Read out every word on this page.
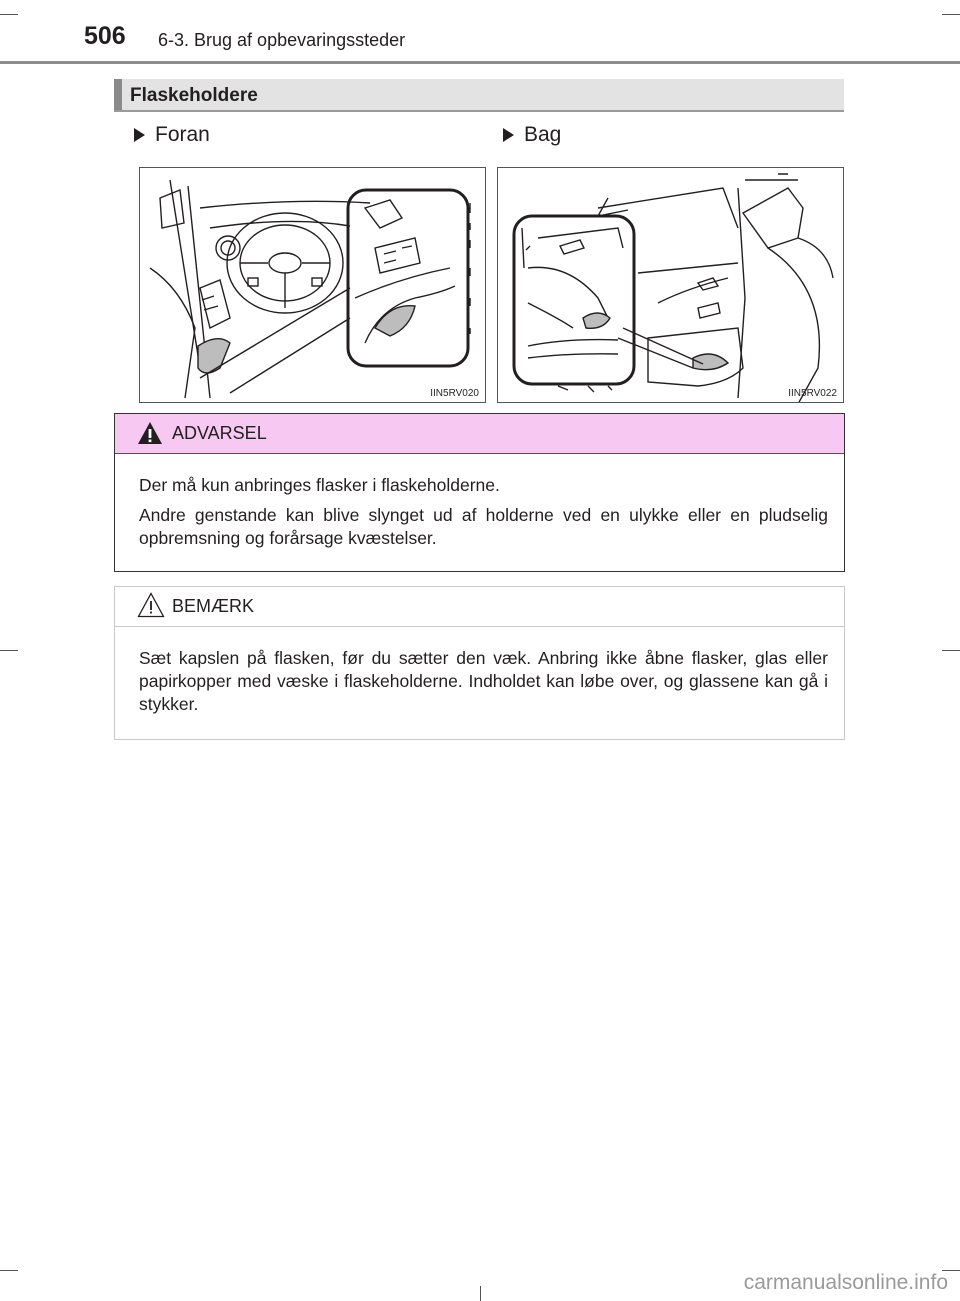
506 6-3. Brug af opbevaringssteder
Flaskeholdere
Foran	Bag
IIN5RV020	IIN5RV022
ADVARSEL
Der må kun anbringes flasker i flaskeholderne.
Andre genstande kan blive slynget ud af holderne ved en ulykke eller en pludselig opbremsning og forårsage kvæstelser.
BEMÆRK
Sæt kapslen på flasken, før du sætter den væk. Anbring ikke åbne flasker, glas eller papirkopper med væske i flaskeholderne. Indholdet kan løbe over, og glassene kan gå i stykker.
carmanualsonline.info
